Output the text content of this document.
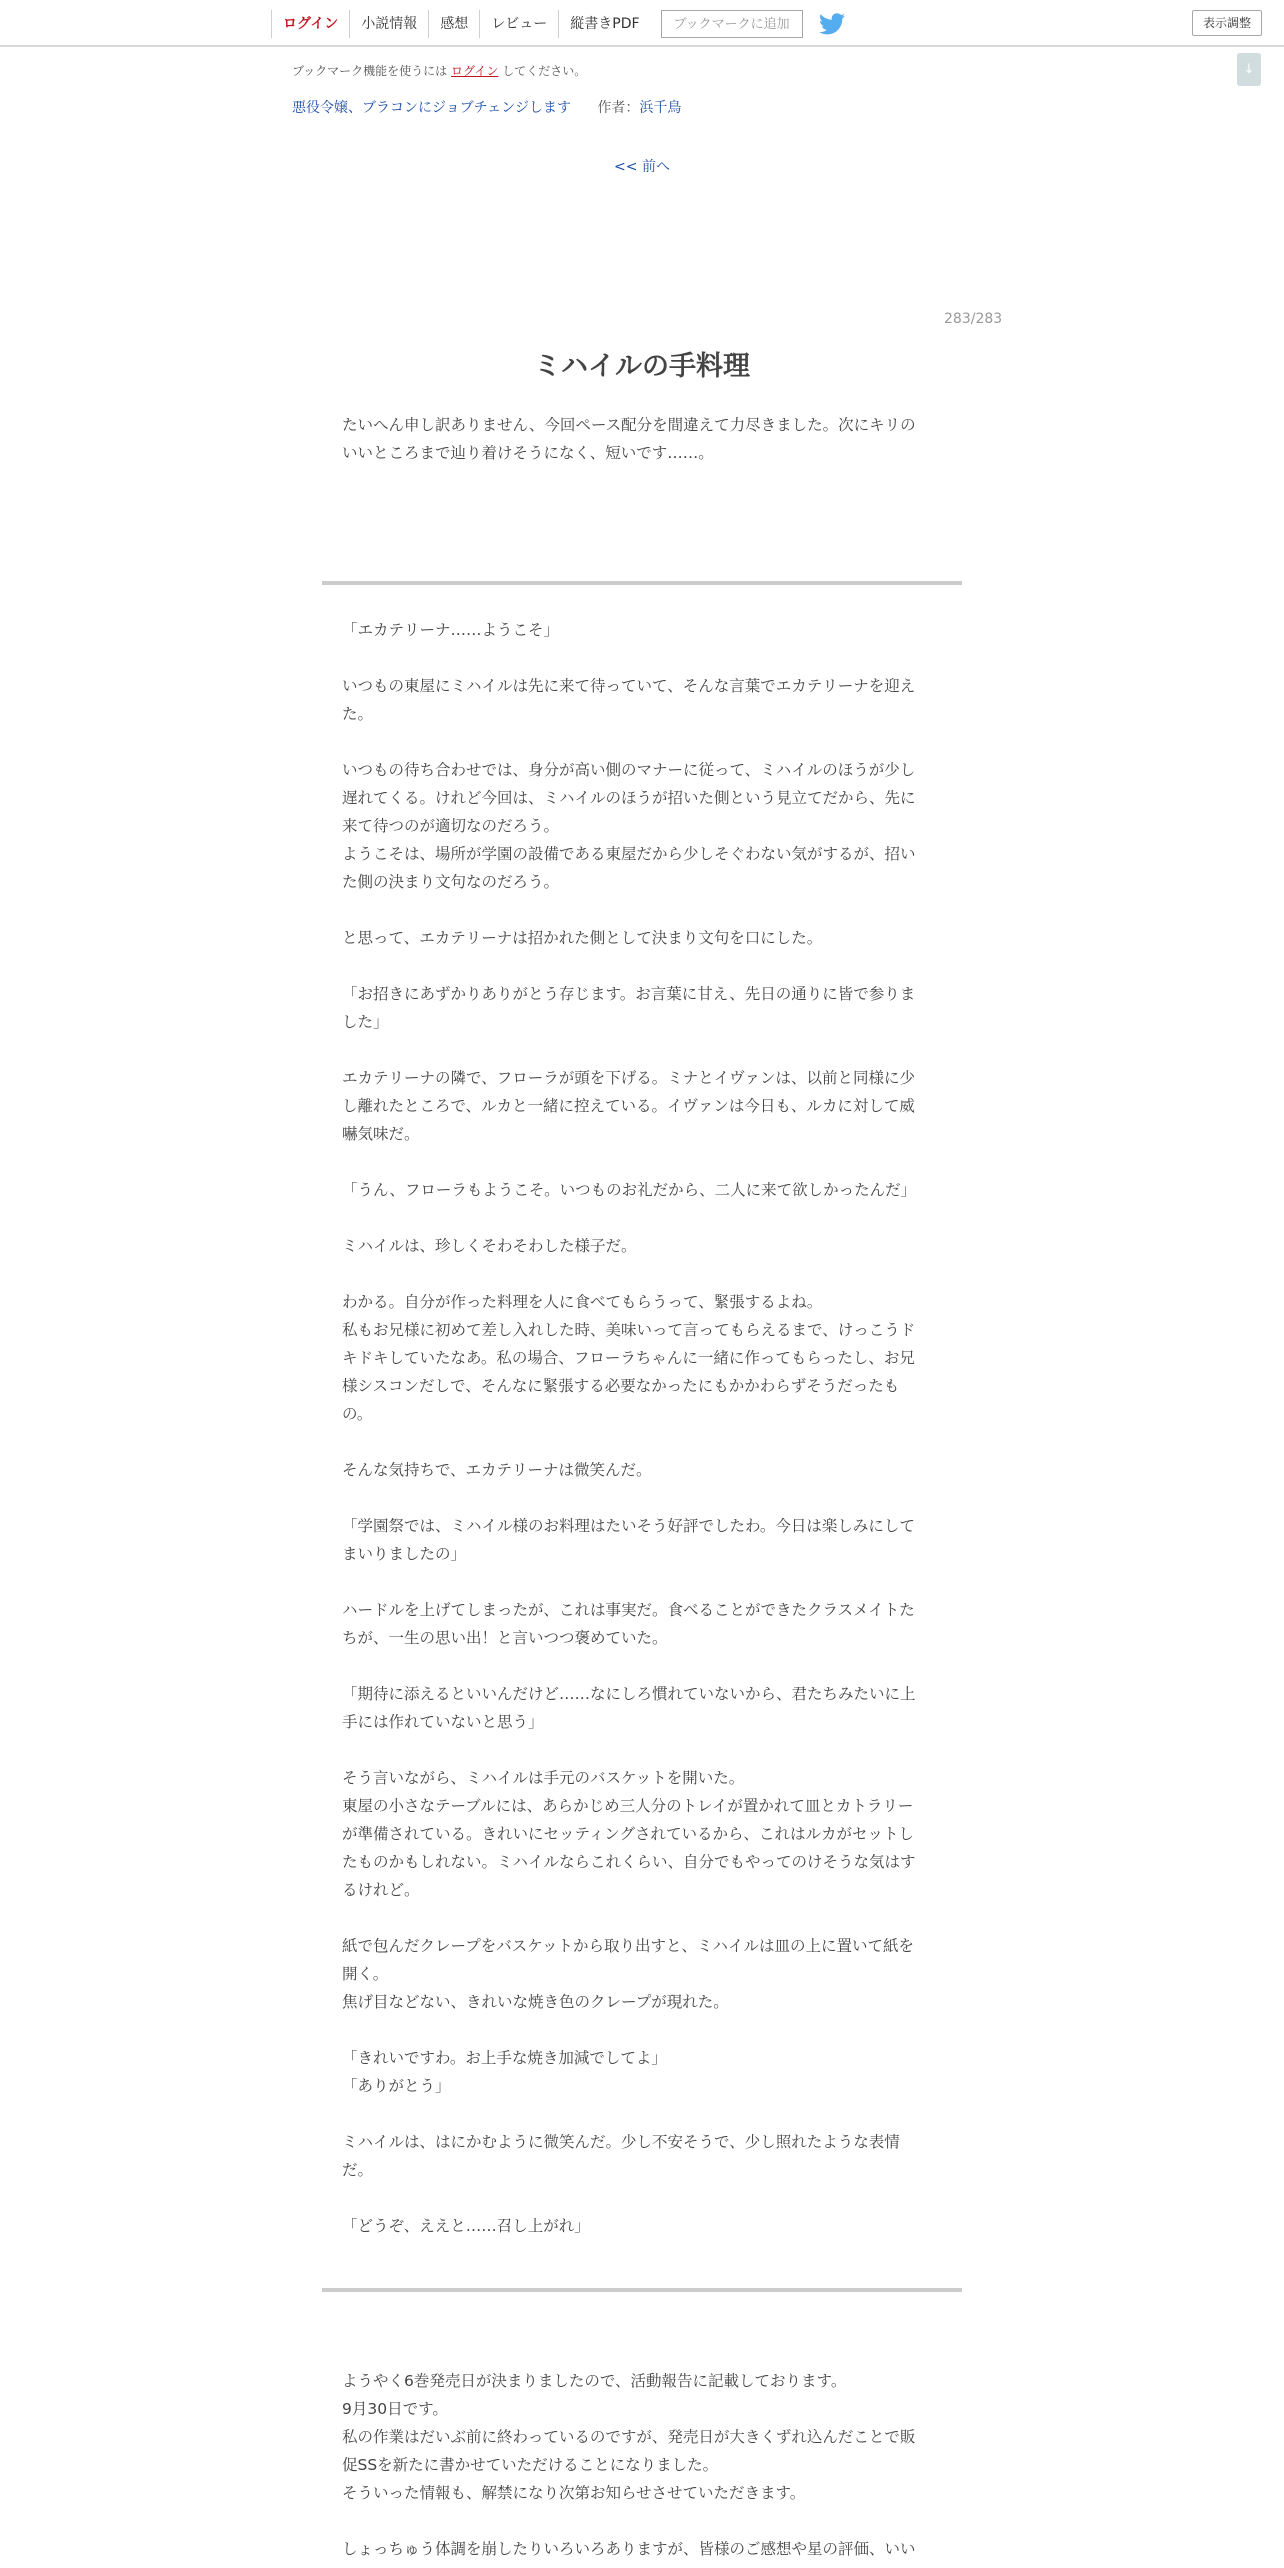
ログイン	小説情報	感想	レビュー	縦書きPDF	ブックマークに追加	表示調整
↓
ブックマーク機能を使うには ログイン してください。
悪役令嬢、ブラコンにジョブチェンジします 作者：浜千鳥
<< 前へ
283/283
ミハイルの手料理
たいへん申し訳ありません、今回ペース配分を間違えて力尽きました。次にキリの
いいところまで辿り着けそうになく、短いです……。
「エカテリーナ……ようこそ」
いつもの東屋にミハイルは先に来て待っていて、そんな言葉でエカテリーナを迎え
た。
いつもの待ち合わせでは、身分が高い側のマナーに従って、ミハイルのほうが少し
遅れてくる。けれど今回は、ミハイルのほうが招いた側という見立てだから、先に
来て待つのが適切なのだろう。
ようこそは、場所が学園の設備である東屋だから少しそぐわない気がするが、招い
た側の決まり文句なのだろう。
と思って、エカテリーナは招かれた側として決まり文句を口にした。
「お招きにあずかりありがとう存じます。お言葉に甘え、先日の通りに皆で参りま
した」
エカテリーナの隣で、フローラが頭を下げる。ミナとイヴァンは、以前と同様に少
し離れたところで、ルカと一緒に控えている。イヴァンは今日も、ルカに対して威
嚇気味だ。
「うん、フローラもようこそ。いつものお礼だから、二人に来て欲しかったんだ」
ミハイルは、珍しくそわそわした様子だ。
わかる。自分が作った料理を人に食べてもらうって、緊張するよね。
私もお兄様に初めて差し入れした時、美味いって言ってもらえるまで、けっこうド
キドキしていたなあ。私の場合、フローラちゃんに一緒に作ってもらったし、お兄
様シスコンだしで、そんなに緊張する必要なかったにもかかわらずそうだったも
の。
そんな気持ちで、エカテリーナは微笑んだ。
「学園祭では、ミハイル様のお料理はたいそう好評でしたわ。今日は楽しみにして
まいりましたの」
ハードルを上げてしまったが、これは事実だ。食べることができたクラスメイトた
ちが、一生の思い出！と言いつつ褒めていた。
「期待に添えるといいんだけど……なにしろ慣れていないから、君たちみたいに上
手には作れていないと思う」
そう言いながら、ミハイルは手元のバスケットを開いた。
東屋の小さなテーブルには、あらかじめ三人分のトレイが置かれて皿とカトラリー
が準備されている。きれいにセッティングされているから、これはルカがセットし
たものかもしれない。ミハイルならこれくらい、自分でもやってのけそうな気はす
るけれど。
紙で包んだクレープをバスケットから取り出すと、ミハイルは皿の上に置いて紙を
開く。
焦げ目などない、きれいな焼き色のクレープが現れた。
「きれいですわ。お上手な焼き加減でしてよ」
「ありがとう」
ミハイルは、はにかむように微笑んだ。少し不安そうで、少し照れたような表情
だ。
「どうぞ、ええと……召し上がれ」
ようやく6巻発売日が決まりましたので、活動報告に記載しております。
9月30日です。
私の作業はだいぶ前に終わっているのですが、発売日が大きくずれ込んだことで販
促SSを新たに書かせていただけることになりました。
そういった情報も、解禁になり次第お知らせさせていただきます。
しょっちゅう体調を崩したりいろいろありますが、皆様のご感想や星の評価、いい
